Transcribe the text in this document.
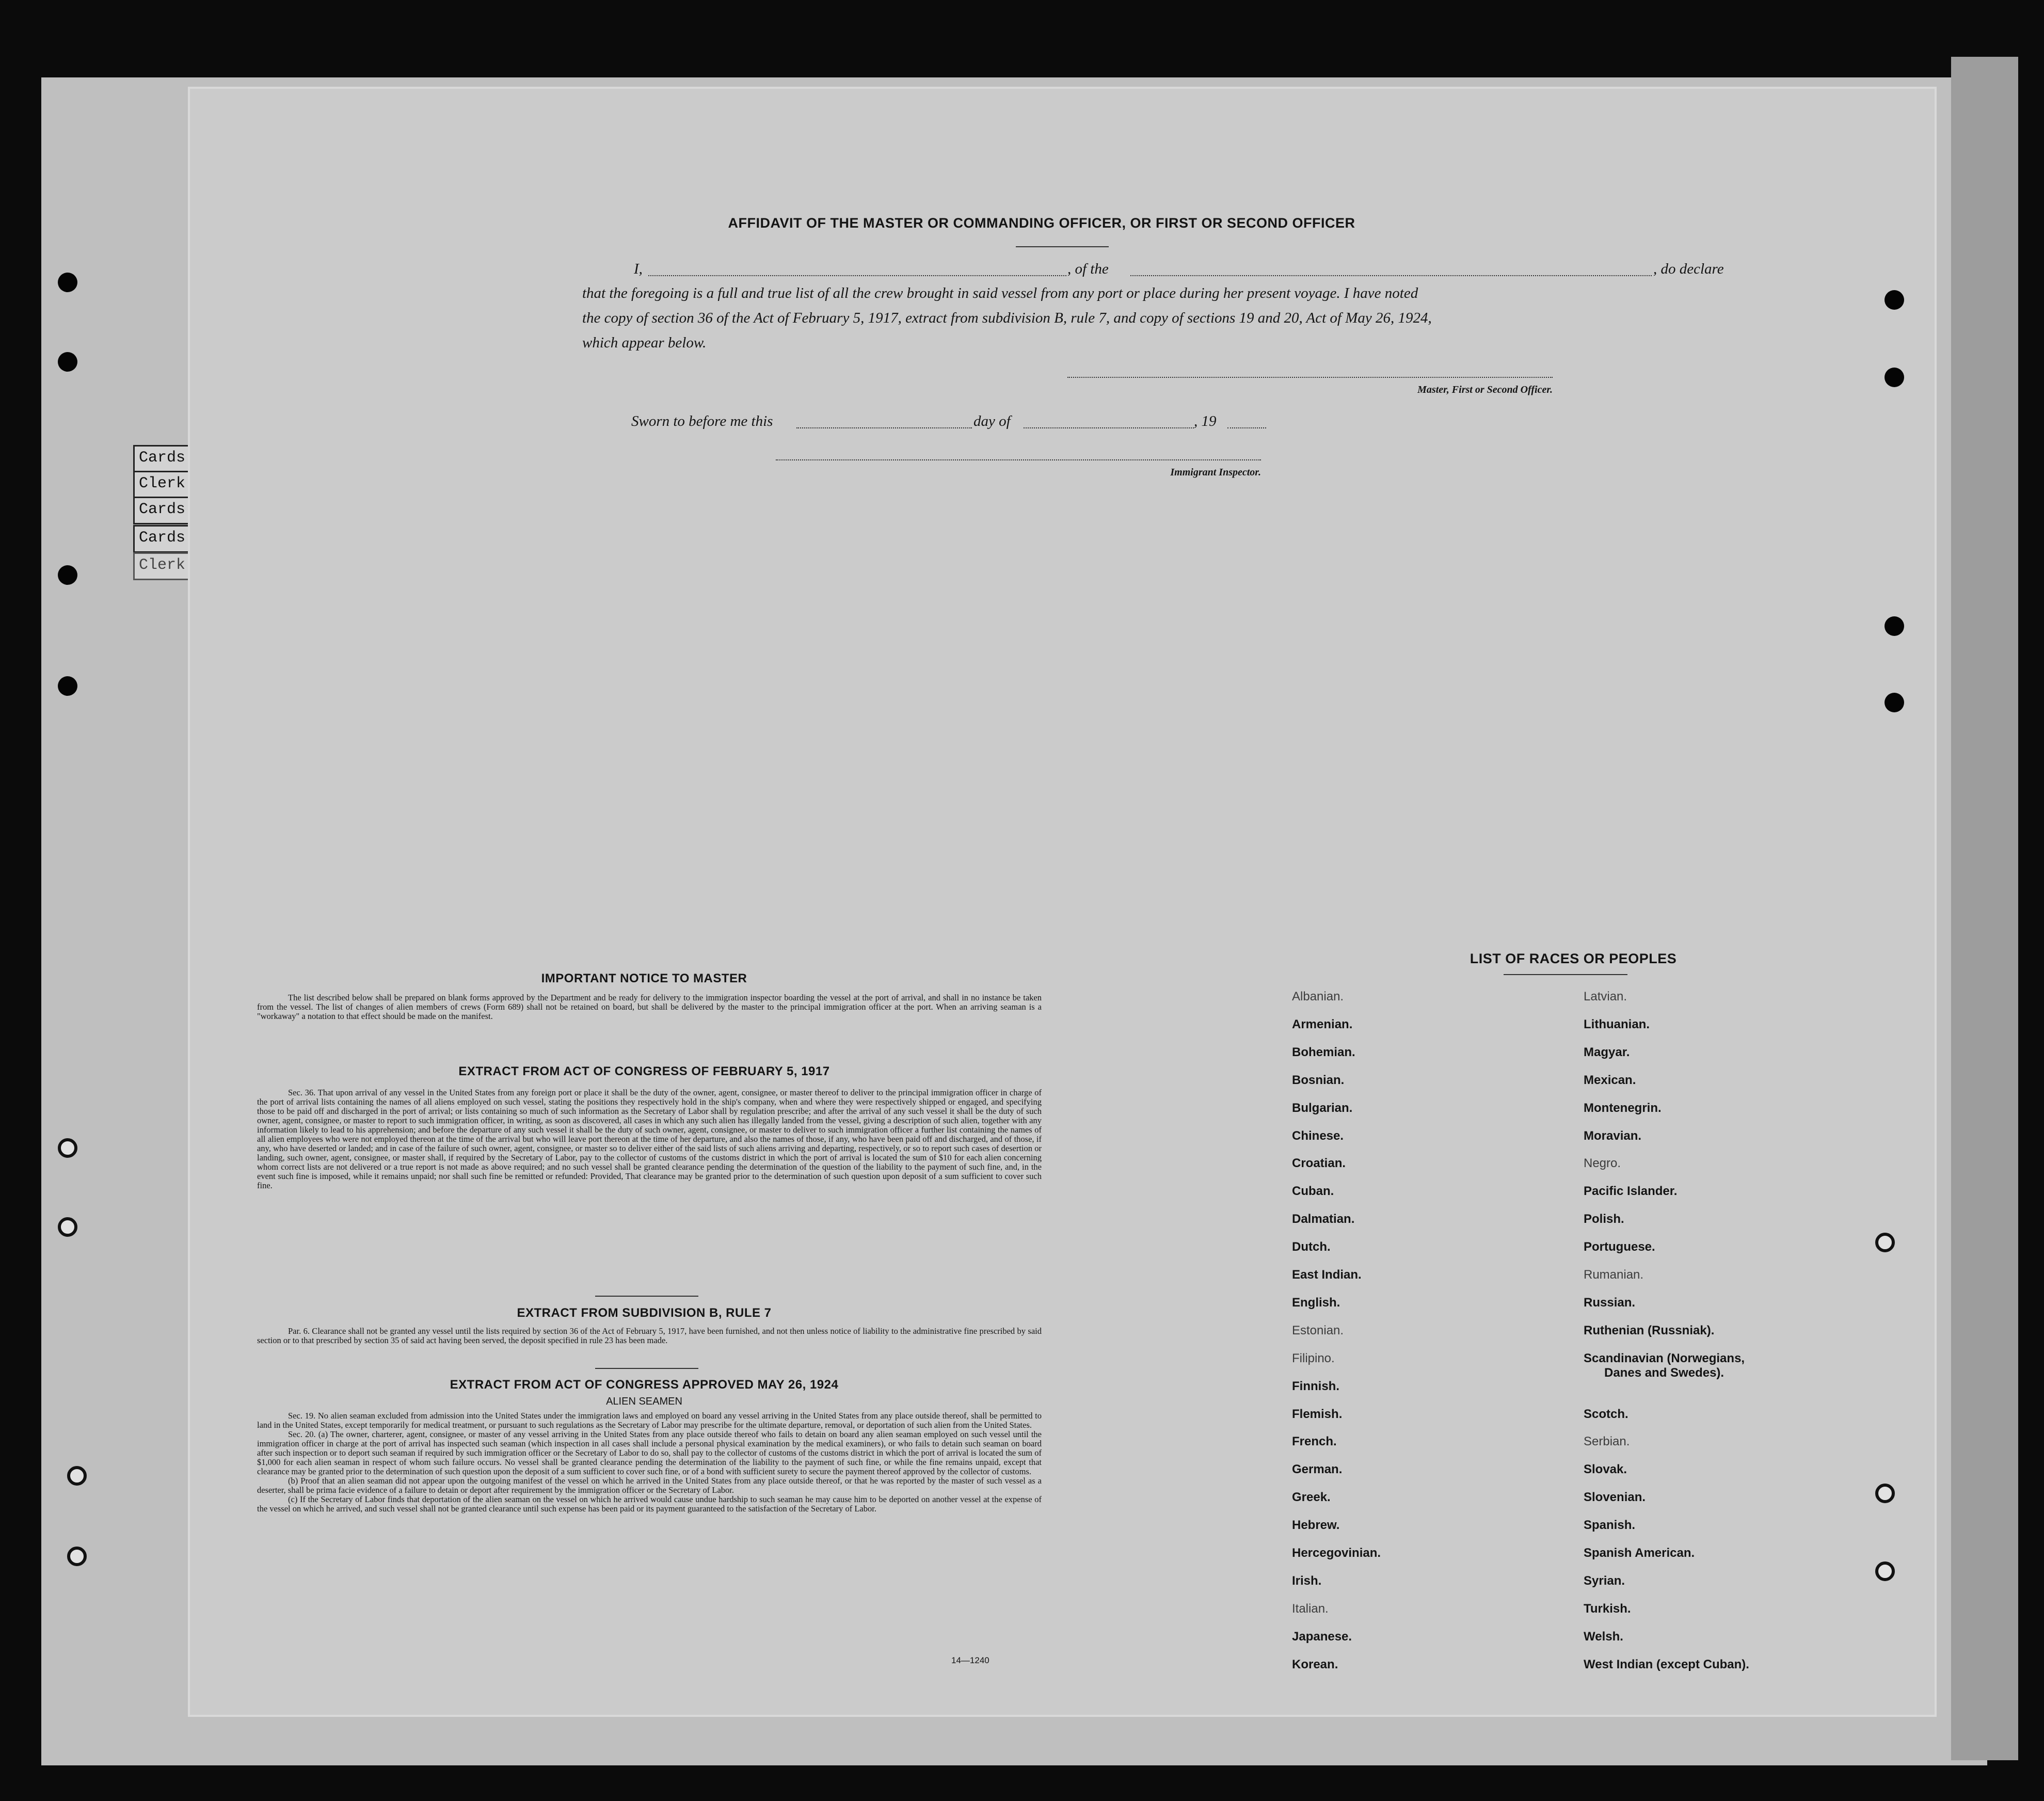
Cards
Clerk
Cards
Cards
Clerk
AFFIDAVIT OF THE MASTER OR COMMANDING OFFICER, OR FIRST OR SECOND OFFICER
I,	, of the	, do declare
that the foregoing is a full and true list of all the crew brought in said vessel from any port or place during her present voyage. I have noted
the copy of section 36 of the Act of February 5, 1917, extract from subdivision B, rule 7, and copy of sections 19 and 20, Act of May 26, 1924,
which appear below.
Master, First or Second Officer.
Sworn to before me this	day of	, 19
Immigrant Inspector.
IMPORTANT NOTICE TO MASTER

The list described below shall be prepared on blank forms approved by the Department and be ready for delivery to the immigration inspector boarding the vessel at the port of arrival, and shall in no instance be taken from the vessel. The list of changes of alien members of crews (Form 689) shall not be retained on board, but shall be delivered by the master to the principal immigration officer at the port. When an arriving seaman is a "workaway" a notation to that effect should be made on the manifest.

EXTRACT FROM ACT OF CONGRESS OF FEBRUARY 5, 1917

Sec. 36. That upon arrival of any vessel in the United States from any foreign port or place it shall be the duty of the owner, agent, consignee, or master thereof to deliver to the principal immigration officer in charge of the port of arrival lists containing the names of all aliens employed on such vessel, stating the positions they respectively hold in the ship's company, when and where they were respectively shipped or engaged, and specifying those to be paid off and discharged in the port of arrival; or lists containing so much of such information as the Secretary of Labor shall by regulation prescribe; and after the arrival of any such vessel it shall be the duty of such owner, agent, consignee, or master to report to such immigration officer, in writing, as soon as discovered, all cases in which any such alien has illegally landed from the vessel, giving a description of such alien, together with any information likely to lead to his apprehension; and before the departure of any such vessel it shall be the duty of such owner, agent, consignee, or master to deliver to such immigration officer a further list containing the names of all alien employees who were not employed thereon at the time of the arrival but who will leave port thereon at the time of her departure, and also the names of those, if any, who have been paid off and discharged, and of those, if any, who have deserted or landed; and in case of the failure of such owner, agent, consignee, or master so to deliver either of the said lists of such aliens arriving and departing, respectively, or so to report such cases of desertion or landing, such owner, agent, consignee, or master shall, if required by the Secretary of Labor, pay to the collector of customs of the customs district in which the port of arrival is located the sum of $10 for each alien concerning whom correct lists are not delivered or a true report is not made as above required; and no such vessel shall be granted clearance pending the determination of the question of the liability to the payment of such fine, and, in the event such fine is imposed, while it remains unpaid; nor shall such fine be remitted or refunded: Provided, That clearance may be granted prior to the determination of such question upon deposit of a sum sufficient to cover such fine.

EXTRACT FROM SUBDIVISION B, RULE 7

Par. 6. Clearance shall not be granted any vessel until the lists required by section 36 of the Act of February 5, 1917, have been furnished, and not then unless notice of liability to the administrative fine prescribed by said section or to that prescribed by section 35 of said act having been served, the deposit specified in rule 23 has been made.

EXTRACT FROM ACT OF CONGRESS APPROVED MAY 26, 1924
ALIEN SEAMEN

Sec. 19. No alien seaman excluded from admission into the United States under the immigration laws and employed on board any vessel arriving in the United States from any place outside thereof, shall be permitted to land in the United States, except temporarily for medical treatment, or pursuant to such regulations as the Secretary of Labor may prescribe for the ultimate departure, removal, or deportation of such alien from the United States.

Sec. 20. (a) The owner, charterer, agent, consignee, or master of any vessel arriving in the United States from any place outside thereof who fails to detain on board any alien seaman employed on such vessel until the immigration officer in charge at the port of arrival has inspected such seaman (which inspection in all cases shall include a personal physical examination by the medical examiners), or who fails to detain such seaman on board after such inspection or to deport such seaman if required by such immigration officer or the Secretary of Labor to do so, shall pay to the collector of customs of the customs district in which the port of arrival is located the sum of $1,000 for each alien seaman in respect of whom such failure occurs. No vessel shall be granted clearance pending the determination of the liability to the payment of such fine, or while the fine remains unpaid, except that clearance may be granted prior to the determination of such question upon the deposit of a sum sufficient to cover such fine, or of a bond with sufficient surety to secure the payment thereof approved by the collector of customs.

(b) Proof that an alien seaman did not appear upon the outgoing manifest of the vessel on which he arrived in the United States from any place outside thereof, or that he was reported by the master of such vessel as a deserter, shall be prima facie evidence of a failure to detain or deport after requirement by the immigration officer or the Secretary of Labor.

(c) If the Secretary of Labor finds that deportation of the alien seaman on the vessel on which he arrived would cause undue hardship to such seaman he may cause him to be deported on another vessel at the expense of the vessel on which he arrived, and such vessel shall not be granted clearance until such expense has been paid or its payment guaranteed to the satisfaction of the Secretary of Labor.

14—1240
LIST OF RACES OR PEOPLES
Albanian.
Armenian.
Bohemian.
Bosnian.
Bulgarian.
Chinese.
Croatian.
Cuban.
Dalmatian.
Dutch.
East Indian.
English.
Estonian.
Filipino.
Finnish.
Flemish.
French.
German.
Greek.
Hebrew.
Hercegovinian.
Irish.
Italian.
Japanese.
Korean.
Latvian.
Lithuanian.
Magyar.
Mexican.
Montenegrin.
Moravian.
Negro.
Pacific Islander.
Polish.
Portuguese.
Rumanian.
Russian.
Ruthenian (Russniak).
Scandinavian (Norwegians,
Danes and Swedes).
Scotch.
Serbian.
Slovak.
Slovenian.
Spanish.
Spanish American.
Syrian.
Turkish.
Welsh.
West Indian (except Cuban).
